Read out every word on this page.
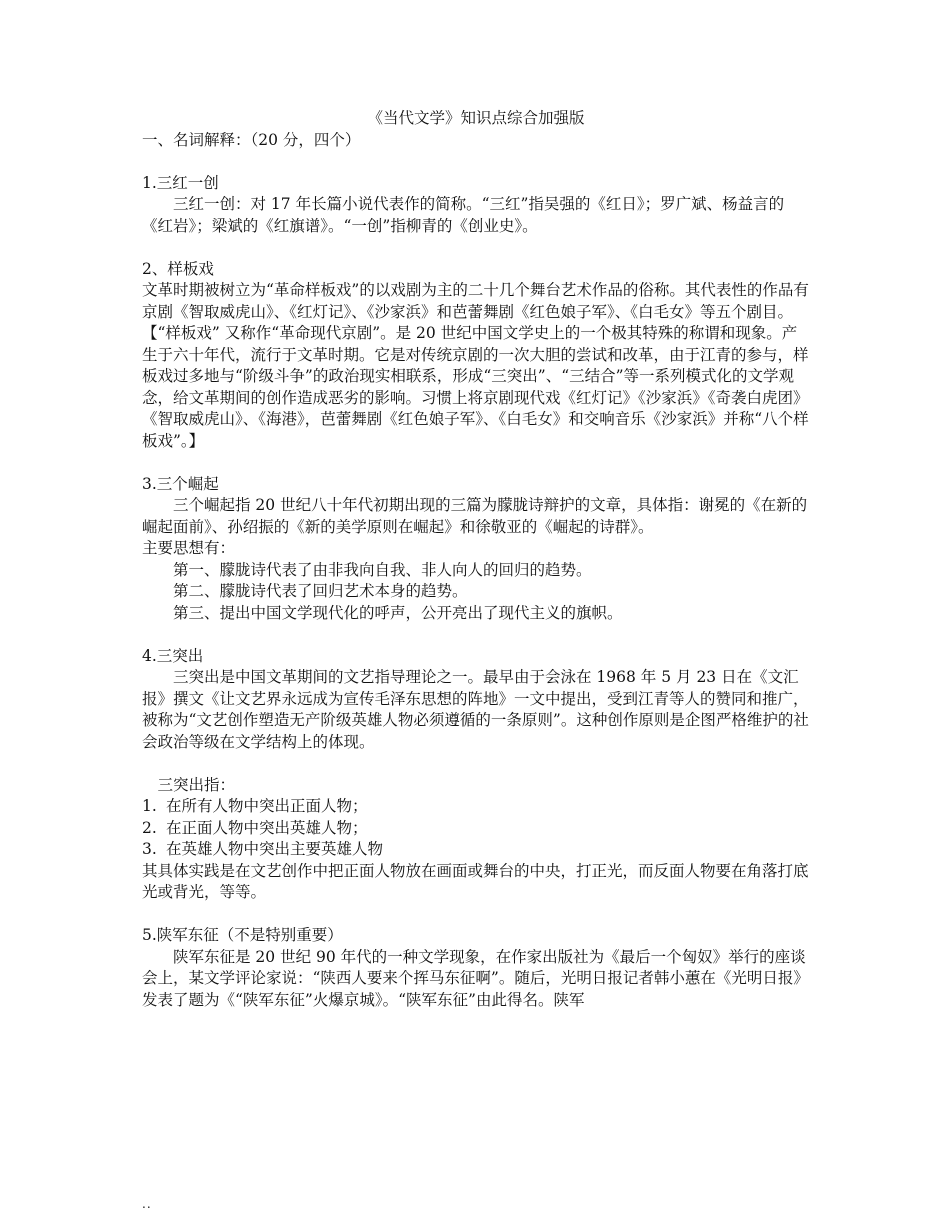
《当代文学》知识点综合加强版

一、名词解释：（20 分，四个）

1.三红一创

三红一创：对 17 年长篇小说代表作的简称。“三红”指吴强的《红日》；罗广斌、杨益言的《红岩》；梁斌的《红旗谱》。“一创”指柳青的《创业史》。

2、样板戏

文革时期被树立为“革命样板戏”的以戏剧为主的二十几个舞台艺术作品的俗称。其代表性的作品有京剧《智取威虎山》、《红灯记》、《沙家浜》和芭蕾舞剧《红色娘子军》、《白毛女》等五个剧目。

【“样板戏” 又称作“革命现代京剧”。是 20 世纪中国文学史上的一个极其特殊的称谓和现象。产生于六十年代，流行于文革时期。它是对传统京剧的一次大胆的尝试和改革，由于江青的参与，样板戏过多地与“阶级斗争”的政治现实相联系，形成“三突出”、“三结合”等一系列模式化的文学观念，给文革期间的创作造成恶劣的影响。习惯上将京剧现代戏《红灯记》《沙家浜》《奇袭白虎团》《智取威虎山》、《海港》，芭蕾舞剧《红色娘子军》、《白毛女》和交响音乐《沙家浜》并称“八个样板戏”。】

3.三个崛起

三个崛起指 20 世纪八十年代初期出现的三篇为朦胧诗辩护的文章，具体指：谢冕的《在新的崛起面前》、孙绍振的《新的美学原则在崛起》和徐敬亚的《崛起的诗群》。

主要思想有：

第一、朦胧诗代表了由非我向自我、非人向人的回归的趋势。

第二、朦胧诗代表了回归艺术本身的趋势。

第三、提出中国文学现代化的呼声，公开亮出了现代主义的旗帜。

4.三突出

三突出是中国文革期间的文艺指导理论之一。最早由于会泳在 1968 年 5 月 23 日在《文汇报》撰文《让文艺界永远成为宣传毛泽东思想的阵地》一文中提出，受到江青等人的赞同和推广，被称为“文艺创作塑造无产阶级英雄人物必须遵循的一条原则”。这种创作原则是企图严格维护的社会政治等级在文学结构上的体现。

三突出指：

1. 在所有人物中突出正面人物；

2. 在正面人物中突出英雄人物；

3. 在英雄人物中突出主要英雄人物

其具体实践是在文艺创作中把正面人物放在画面或舞台的中央，打正光，而反面人物要在角落打底光或背光，等等。

5.陕军东征（不是特别重要）

陕军东征是 20 世纪 90 年代的一种文学现象，在作家出版社为《最后一个匈奴》举行的座谈会上，某文学评论家说：“陕西人要来个挥马东征啊”。随后，光明日报记者韩小蕙在《光明日报》发表了题为《“陕军东征”火爆京城》。“陕军东征”由此得名。陕军

..
